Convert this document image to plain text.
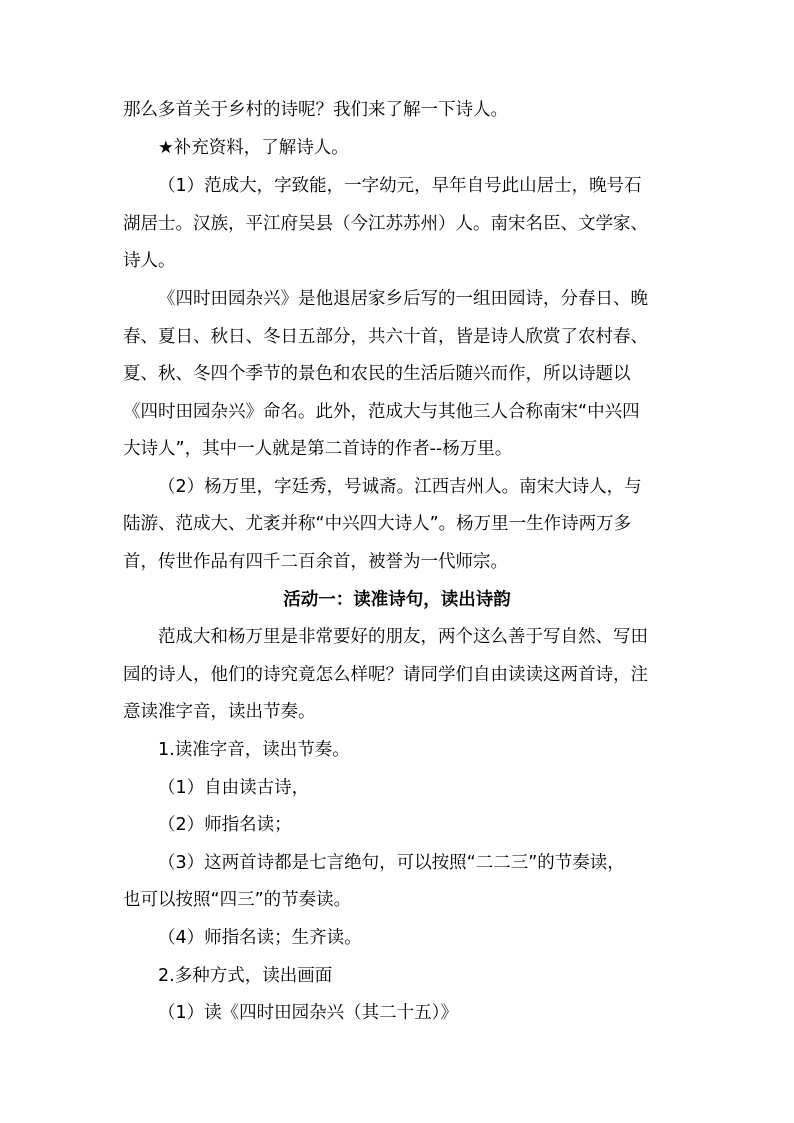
那么多首关于乡村的诗呢？我们来了解一下诗人。
★补充资料，了解诗人。
（1）范成大，字致能，一字幼元，早年自号此山居士，晚号石
湖居士。汉族，平江府吴县（今江苏苏州）人。南宋名臣、文学家、
诗人。
《四时田园杂兴》是他退居家乡后写的一组田园诗，分春日、晚
春、夏日、秋日、冬日五部分，共六十首，皆是诗人欣赏了农村春、
夏、秋、冬四个季节的景色和农民的生活后随兴而作，所以诗题以
《四时田园杂兴》命名。此外，范成大与其他三人合称南宋“中兴四
大诗人”，其中一人就是第二首诗的作者--杨万里。
（2）杨万里，字廷秀，号诚斋。江西吉州人。南宋大诗人，与
陆游、范成大、尤袤并称“中兴四大诗人”。杨万里一生作诗两万多
首，传世作品有四千二百余首，被誉为一代师宗。
活动一：读准诗句，读出诗韵
范成大和杨万里是非常要好的朋友，两个这么善于写自然、写田
园的诗人，他们的诗究竟怎么样呢？请同学们自由读读这两首诗，注
意读准字音，读出节奏。
1.读准字音，读出节奏。
（1）自由读古诗，
（2）师指名读；
（3）这两首诗都是七言绝句，可以按照“二二三”的节奏读，
也可以按照“四三”的节奏读。
（4）师指名读；生齐读。
2.多种方式，读出画面
（1）读《四时田园杂兴（其二十五）》
